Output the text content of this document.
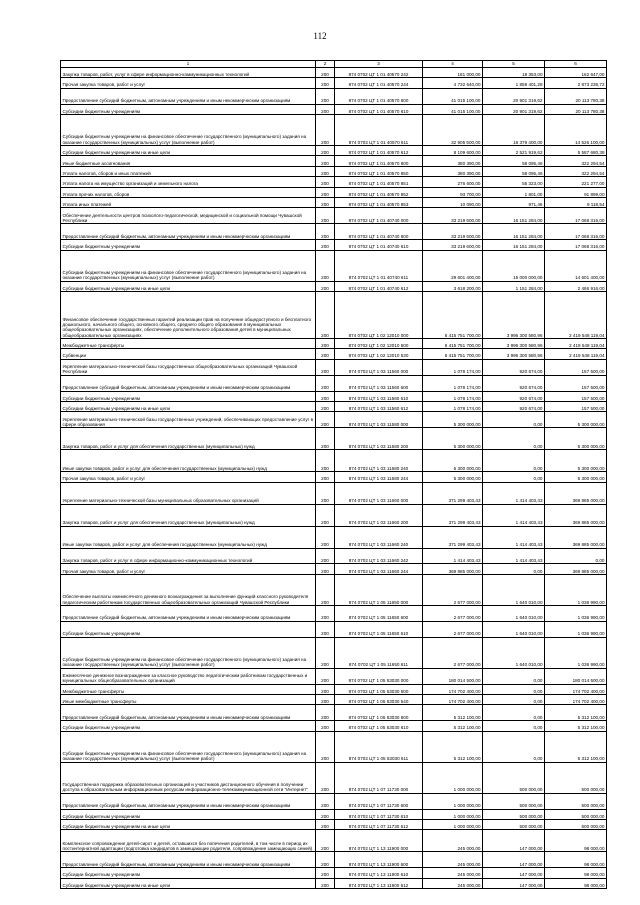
112
1	2	3	4	5	6
Закупка товаров, работ, услуг в сфере информационно-коммуникационных технологий	200	874 0702 ЦТ 1 01 40570 242	181 000,00	18 353,00	162 647,00
Прочая закупка товаров, работ и услуг	200	874 0702 ЦТ 1 01 40570 244	4 732 640,00	1 859 401,28	2 873 238,72
Предоставление субсидий бюджетным, автономным учреждениям и иным некоммерческим организациям	200	874 0702 ЦТ 1 01 40570 600	41 015 100,00	20 901 319,62	20 113 780,38
Субсидии бюджетным учреждениям	200	874 0702 ЦТ 1 01 40570 610	41 015 100,00	20 901 319,62	20 113 780,38
Субсидии бюджетным учреждениям на финансовое обеспечение государственного (муниципального) задания на оказание государственных (муниципальных) услуг (выполнение работ)	200	874 0702 ЦТ 1 01 40570 611	32 905 500,00	18 379 400,00	14 526 100,00
Субсидии бюджетным учреждениям на иные цели	200	874 0702 ЦТ 1 01 40570 612	8 109 600,00	2 521 919,62	5 587 680,38
Иные бюджетные ассигнования	200	874 0702 ЦТ 1 01 40570 800	380 390,00	58 095,46	322 294,54
Уплата налогов, сборов и иных платежей	200	874 0702 ЦТ 1 01 40570 850	380 390,00	58 095,46	322 294,54
Уплата налога на имущество организаций и земельного налога	200	874 0702 ЦТ 1 01 40570 851	276 600,00	55 323,00	221 277,00
Уплата прочих налогов, сборов	200	874 0702 ЦТ 1 01 40570 852	93 700,00	1 801,00	91 899,00
Уплата иных платежей	200	874 0702 ЦТ 1 01 40570 853	10 090,00	971,46	9 118,54
Обеспечение деятельности центров психолого-педагогической, медицинской и социальной помощи Чувашской Республики	200	874 0702 ЦТ 1 01 40740 000	33 219 600,00	16 151 284,00	17 068 316,00
Предоставление субсидий бюджетным, автономным учреждениям и иным некоммерческим организациям	200	874 0702 ЦТ 1 01 40740 600	33 219 600,00	16 151 284,00	17 068 316,00
Субсидии бюджетным учреждениям	200	874 0702 ЦТ 1 01 40740 610	33 219 600,00	16 151 284,00	17 068 316,00
Субсидии бюджетным учреждениям на финансовое обеспечение государственного (муниципального) задания на оказание государственных (муниципальных) услуг (выполнение работ)	200	874 0702 ЦТ 1 01 40740 611	29 601 400,00	15 000 000,00	14 601 400,00
Субсидии бюджетным учреждениям на иные цели	200	874 0702 ЦТ 1 01 40740 612	3 618 200,00	1 151 284,00	2 466 916,00
Финансовое обеспечение государственных гарантий реализации прав на получение общедоступного и бесплатного дошкольного, начального общего, основного общего, среднего общего образования в муниципальных общеобразовательных организациях, обеспечение дополнительного образования детей в муниципальных общеобразовательных организациях	200	874 0702 ЦТ 1 02 12010 000	6 415 751 700,00	3 996 300 580,96	2 419 548 119,04
Межбюджетные трансферты	200	874 0702 ЦТ 1 02 12010 500	6 415 751 700,00	3 996 300 580,96	2 419 548 119,04
Субвенции	200	874 0702 ЦТ 1 02 12010 530	6 415 751 700,00	3 996 300 580,96	2 419 548 119,04
Укрепление материально-технической базы государственных общеобразовательных организаций Чувашской Республики	200	874 0702 ЦТ 1 03 11560 000	1 078 174,00	920 674,00	157 500,00
Предоставление субсидий бюджетным, автономным учреждениям и иным некоммерческим организациям	200	874 0702 ЦТ 1 03 11560 600	1 078 174,00	920 674,00	157 500,00
Субсидии бюджетным учреждениям	200	874 0702 ЦТ 1 03 11560 610	1 078 174,00	920 674,00	157 500,00
Субсидии бюджетным учреждениям на иные цели	200	874 0702 ЦТ 1 03 11560 612	1 078 174,00	920 674,00	157 500,00
Укрепление материально-технической базы государственных учреждений, обеспечивающих предоставление услуг в сфере образования	200	874 0702 ЦТ 1 03 11580 000	5 300 000,00	0,00	5 300 000,00
Закупка товаров, работ и услуг для обеспечения государственных (муниципальных) нужд	200	874 0702 ЦТ 1 03 11580 200	5 300 000,00	0,00	5 300 000,00
Иные закупки товаров, работ и услуг для обеспечения государственных (муниципальных) нужд	200	874 0702 ЦТ 1 03 11580 240	5 300 000,00	0,00	5 300 000,00
Прочая закупка товаров, работ и услуг	200	874 0702 ЦТ 1 03 11580 244	5 300 000,00	0,00	5 300 000,00
Укрепление материально-технической базы муниципальных образовательных организаций	200	874 0702 ЦТ 1 03 11660 000	371 299 403,43	1 414 403,43	369 885 000,00
Закупка товаров, работ и услуг для обеспечения государственных (муниципальных) нужд	200	874 0702 ЦТ 1 03 11660 200	371 299 403,43	1 414 403,43	369 885 000,00
Иные закупки товаров, работ и услуг для обеспечения государственных (муниципальных) нужд	200	874 0702 ЦТ 1 03 11660 240	371 299 403,43	1 414 403,43	369 885 000,00
Закупка товаров, работ и услуг в сфере информационно-коммуникационных технологий	200	874 0702 ЦТ 1 03 11660 242	1 414 403,43	1 414 403,43	0,00
Прочая закупка товаров, работ и услуг	200	874 0702 ЦТ 1 03 11660 244	369 885 000,00	0,00	369 885 000,00
Обеспечение выплаты ежемесячного денежного вознаграждения за выполнение функций классного руководителя педагогическим работникам государственных общеобразовательных организаций Чувашской Республики	200	874 0702 ЦТ 1 05 11650 000	2 677 000,00	1 640 010,00	1 036 990,00
Предоставление субсидий бюджетным, автономным учреждениям и иным некоммерческим организациям	200	874 0702 ЦТ 1 05 11650 600	2 677 000,00	1 640 010,00	1 036 990,00
Субсидии бюджетным учреждениям	200	874 0702 ЦТ 1 05 11650 610	2 677 000,00	1 640 010,00	1 036 990,00
Субсидии бюджетным учреждениям на финансовое обеспечение государственного (муниципального) задания на оказание государственных (муниципальных) услуг (выполнение работ)	200	874 0702 ЦТ 1 05 11650 611	2 677 000,00	1 640 010,00	1 036 990,00
Ежемесячное денежное вознаграждение за классное руководство педагогическим работникам государственных и муниципальных общеобразовательных организаций	200	874 0702 ЦТ 1 05 53030 000	180 014 500,00	0,00	180 014 500,00
Межбюджетные трансферты	200	874 0702 ЦТ 1 05 53030 500	174 702 400,00	0,00	174 702 400,00
Иные межбюджетные трансферты	200	874 0702 ЦТ 1 05 53030 540	174 702 400,00	0,00	174 702 400,00
Предоставление субсидий бюджетным, автономным учреждениям и иным некоммерческим организациям	200	874 0702 ЦТ 1 05 53030 600	5 312 100,00	0,00	5 312 100,00
Субсидии бюджетным учреждениям	200	874 0702 ЦТ 1 05 53030 610	5 312 100,00	0,00	5 312 100,00
Субсидии бюджетным учреждениям на финансовое обеспечение государственного (муниципального) задания на оказание государственных (муниципальных) услуг (выполнение работ)	200	874 0702 ЦТ 1 05 53030 611	5 312 100,00	0,00	5 312 100,00
Государственная поддержка образовательных организаций и участников дистанционного обучения в получении доступа к образовательным информационным ресурсам информационно-телекоммуникационной сети "Интернет"	200	874 0702 ЦТ 1 07 11730 000	1 000 000,00	500 000,00	500 000,00
Предоставление субсидий бюджетным, автономным учреждениям и иным некоммерческим организациям	200	874 0702 ЦТ 1 07 11730 600	1 000 000,00	500 000,00	500 000,00
Субсидии бюджетным учреждениям	200	874 0702 ЦТ 1 07 11730 610	1 000 000,00	500 000,00	500 000,00
Субсидии бюджетным учреждениям на иные цели	200	874 0702 ЦТ 1 07 11730 612	1 000 000,00	500 000,00	500 000,00
Комплексное сопровождение детей-сирот и детей, оставшихся без попечения родителей, в том числе в период их постинтернатной адаптации (подготовка кандидатов в замещающие родители, сопровождение замещающих семей)	200	874 0702 ЦТ 1 13 11900 000	245 000,00	147 000,00	98 000,00
Предоставление субсидий бюджетным, автономным учреждениям и иным некоммерческим организациям	200	874 0702 ЦТ 1 13 11900 600	245 000,00	147 000,00	98 000,00
Субсидии бюджетным учреждениям	200	874 0702 ЦТ 1 13 11900 610	245 000,00	147 000,00	98 000,00
Субсидии бюджетным учреждениям на иные цели	200	874 0702 ЦТ 1 13 11900 612	245 000,00	147 000,00	98 000,00
